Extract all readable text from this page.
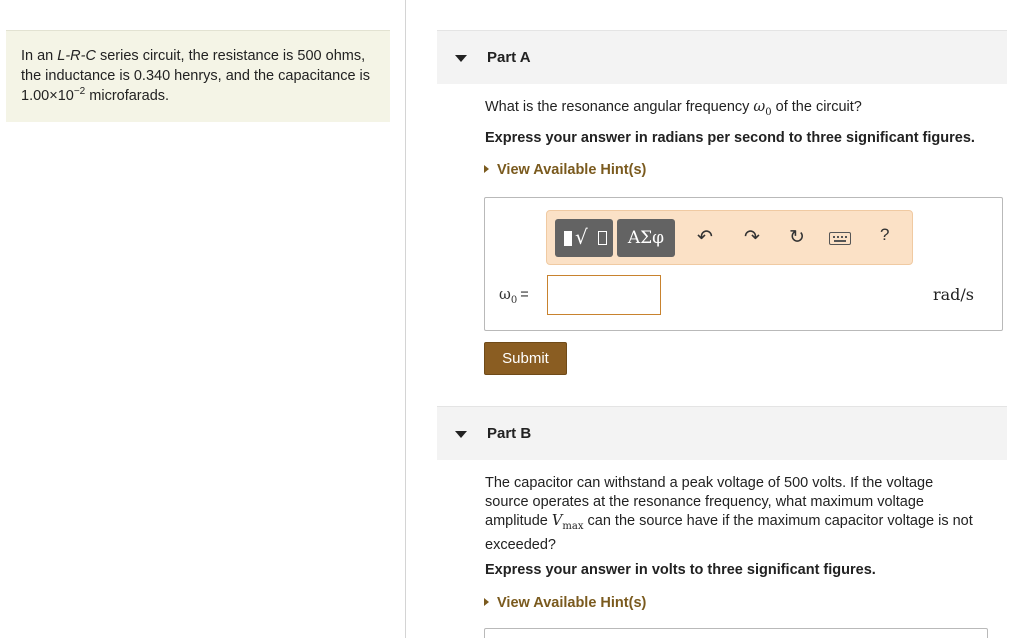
In an L-R-C series circuit, the resistance is 500 ohms, the inductance is 0.340 henrys, and the capacitance is $1.00\times 10^{-2}$ microfarads.
Part A
What is the resonance angular frequency $\omega_0$ of the circuit?
Express your answer in radians per second to three significant figures.
View Available Hint(s)
√	ΑΣφ	↶ ↷ ↻	?
$\omega_0$ =	rad/s
Submit
Part B
The capacitor can withstand a peak voltage of 500 volts. If the voltage
source operates at the resonance frequency, what maximum voltage
amplitude $V_{max}$ can the source have if the maximum capacitor voltage is not
exceeded?
Express your answer in volts to three significant figures.
View Available Hint(s)
